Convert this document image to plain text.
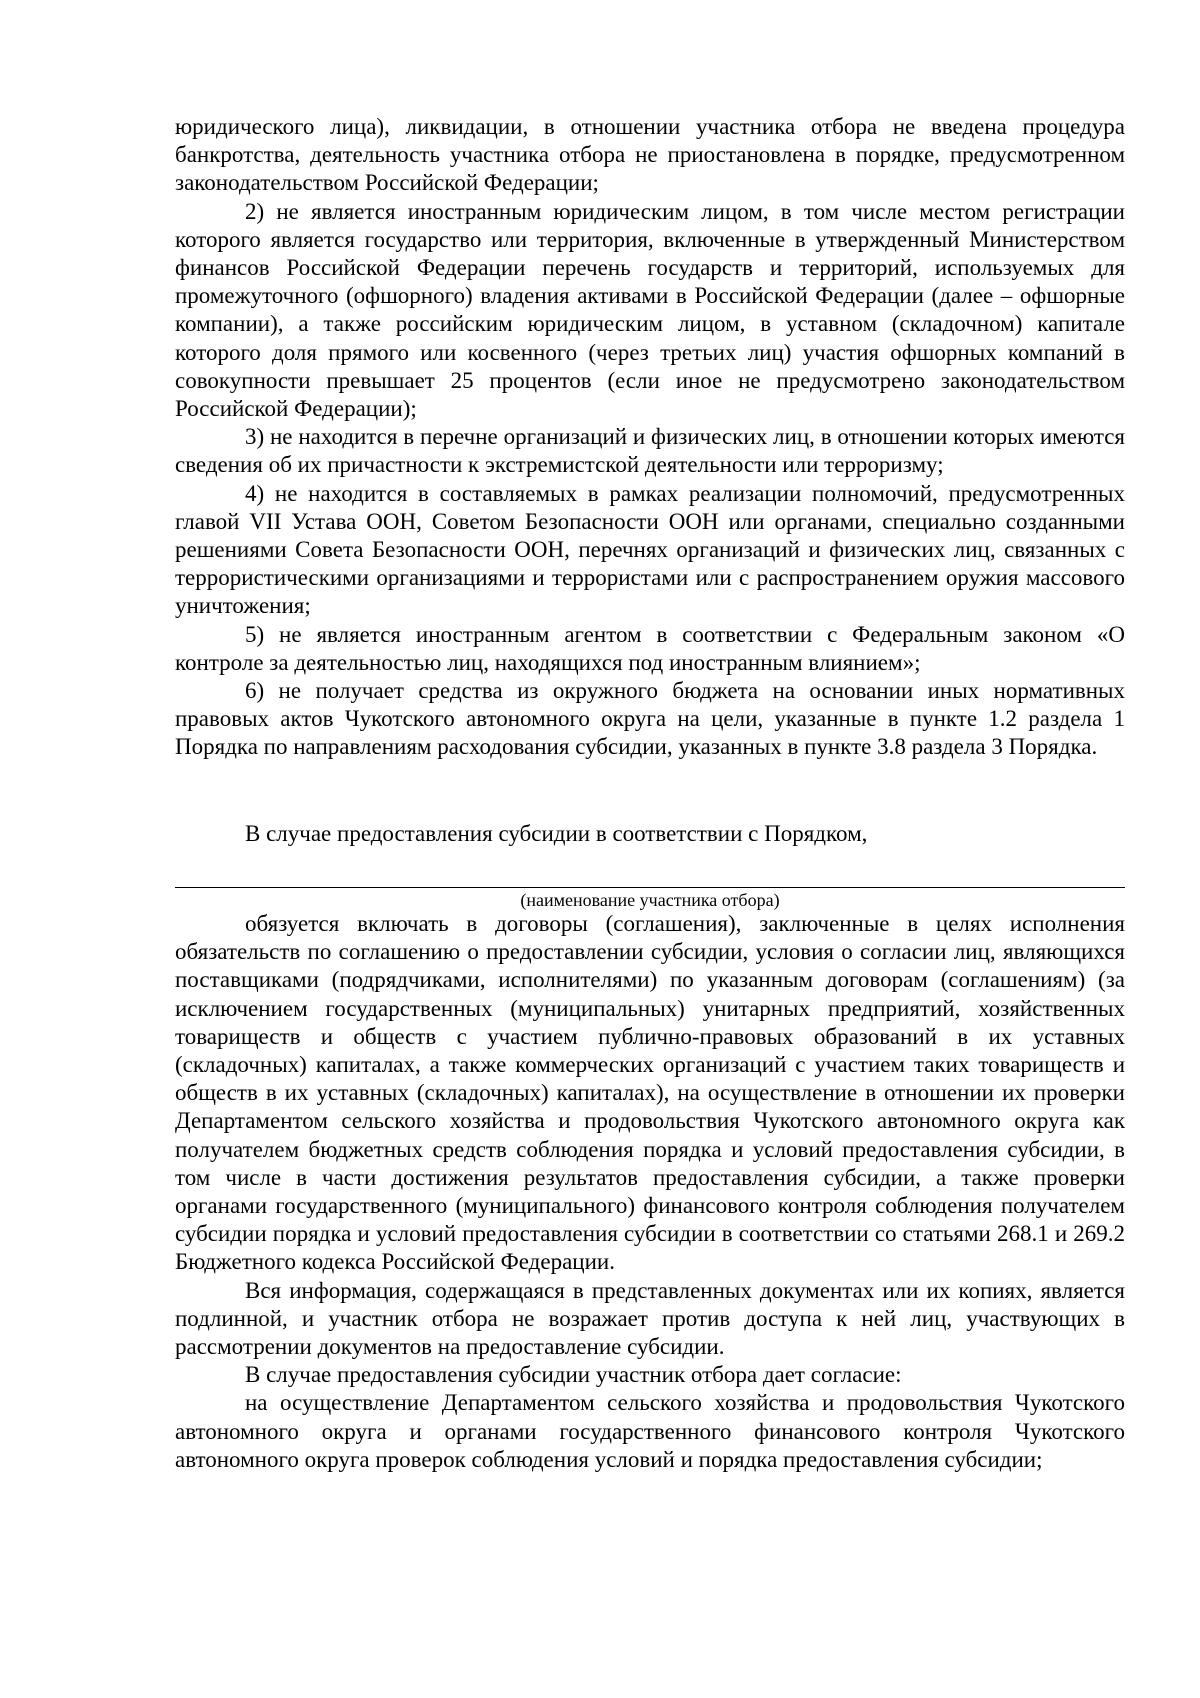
юридического лица), ликвидации, в отношении участника отбора не введена процедура банкротства, деятельность участника отбора не приостановлена в порядке, предусмотренном законодательством Российской Федерации;

2) не является иностранным юридическим лицом, в том числе местом регистрации которого является государство или территория, включенные в утвержденный Министерством финансов Российской Федерации перечень государств и территорий, используемых для промежуточного (офшорного) владения активами в Российской Федерации (далее – офшорные компании), а также российским юридическим лицом, в уставном (складочном) капитале которого доля прямого или косвенного (через третьих лиц) участия офшорных компаний в совокупности превышает 25 процентов (если иное не предусмотрено законодательством Российской Федерации);

3) не находится в перечне организаций и физических лиц, в отношении которых имеются сведения об их причастности к экстремистской деятельности или терроризму;

4) не находится в составляемых в рамках реализации полномочий, предусмотренных главой VII Устава ООН, Советом Безопасности ООН или органами, специально созданными решениями Совета Безопасности ООН, перечнях организаций и физических лиц, связанных с террористическими организациями и террористами или с распространением оружия массового уничтожения;

5) не является иностранным агентом в соответствии с Федеральным законом «О контроле за деятельностью лиц, находящихся под иностранным влиянием»;

6) не получает средства из окружного бюджета на основании иных нормативных правовых актов Чукотского автономного округа на цели, указанные в пункте 1.2 раздела 1 Порядка по направлениям расходования субсидии, указанных в пункте 3.8 раздела 3 Порядка.

В случае предоставления субсидии в соответствии с Порядком,
(наименование участника отбора)

обязуется включать в договоры (соглашения), заключенные в целях исполнения обязательств по соглашению о предоставлении субсидии, условия о согласии лиц, являющихся поставщиками (подрядчиками, исполнителями) по указанным договорам (соглашениям) (за исключением государственных (муниципальных) унитарных предприятий, хозяйственных товариществ и обществ с участием публично-правовых образований в их уставных (складочных) капиталах, а также коммерческих организаций с участием таких товариществ и обществ в их уставных (складочных) капиталах), на осуществление в отношении их проверки Департаментом сельского хозяйства и продовольствия Чукотского автономного округа как получателем бюджетных средств соблюдения порядка и условий предоставления субсидии, в том числе в части достижения результатов предоставления субсидии, а также проверки органами государственного (муниципального) финансового контроля соблюдения получателем субсидии порядка и условий предоставления субсидии в соответствии со статьями 268.1 и 269.2 Бюджетного кодекса Российской Федерации.

Вся информация, содержащаяся в представленных документах или их копиях, является подлинной, и участник отбора не возражает против доступа к ней лиц, участвующих в рассмотрении документов на предоставление субсидии.

В случае предоставления субсидии участник отбора дает согласие:

на осуществление Департаментом сельского хозяйства и продовольствия Чукотского автономного округа и органами государственного финансового контроля Чукотского автономного округа проверок соблюдения условий и порядка предоставления субсидии;
